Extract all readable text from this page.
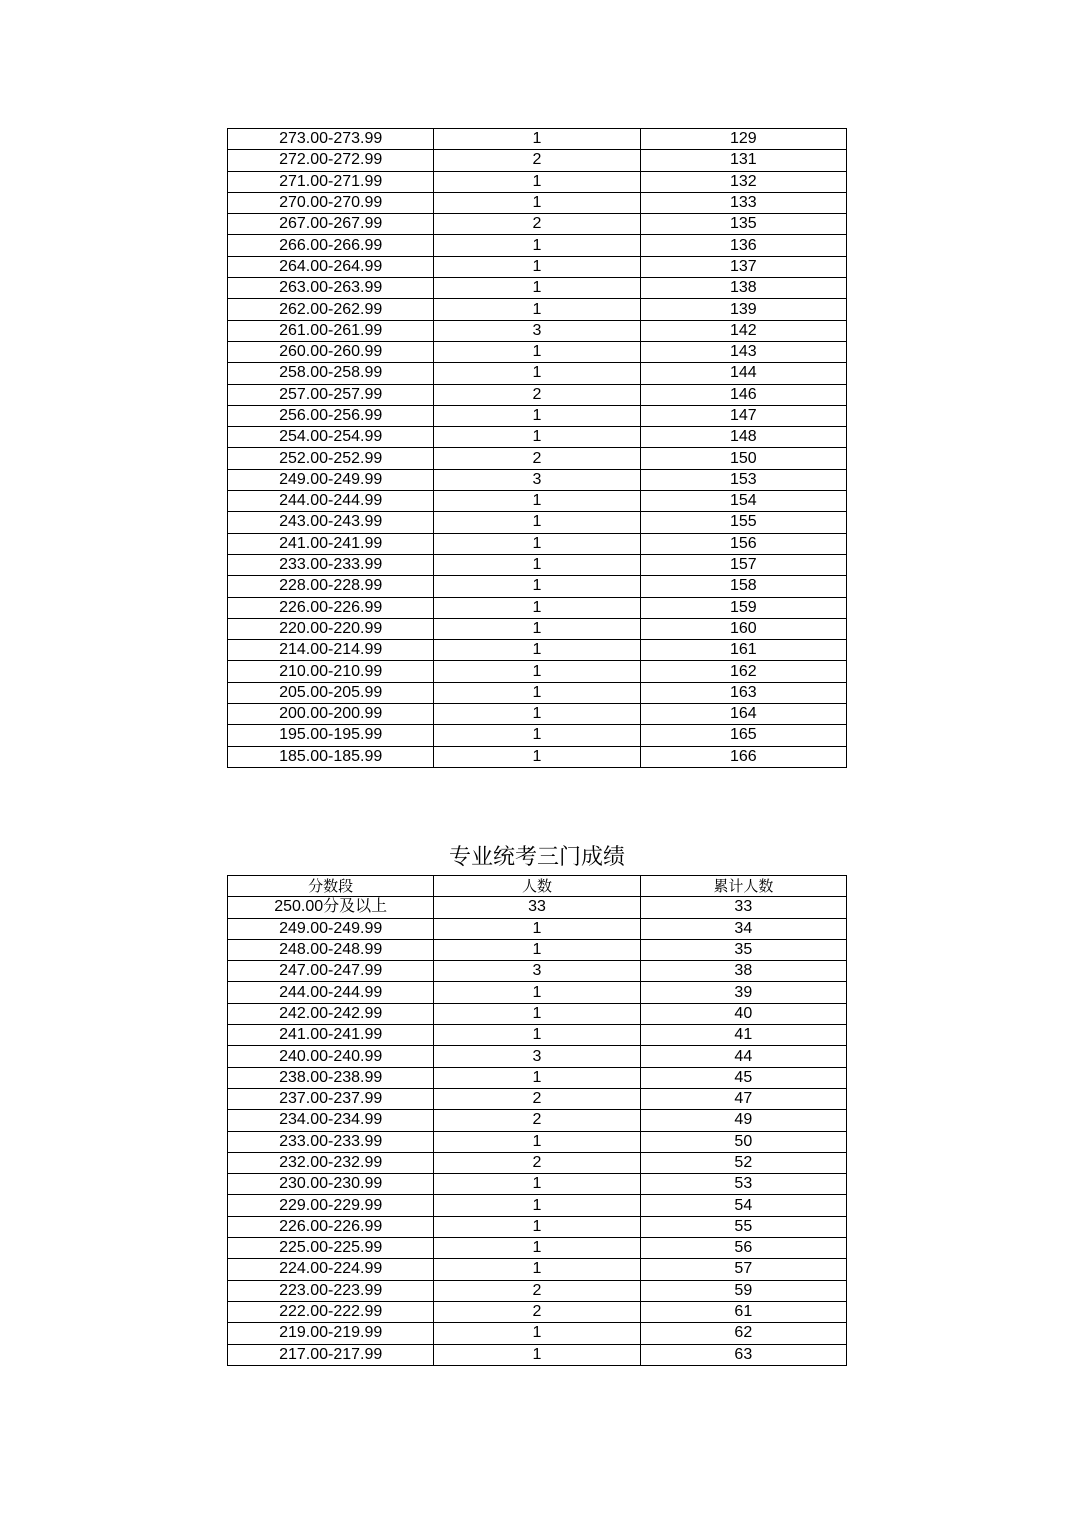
273.00-273.99	1	129
272.00-272.99	2	131
271.00-271.99	1	132
270.00-270.99	1	133
267.00-267.99	2	135
266.00-266.99	1	136
264.00-264.99	1	137
263.00-263.99	1	138
262.00-262.99	1	139
261.00-261.99	3	142
260.00-260.99	1	143
258.00-258.99	1	144
257.00-257.99	2	146
256.00-256.99	1	147
254.00-254.99	1	148
252.00-252.99	2	150
249.00-249.99	3	153
244.00-244.99	1	154
243.00-243.99	1	155
241.00-241.99	1	156
233.00-233.99	1	157
228.00-228.99	1	158
226.00-226.99	1	159
220.00-220.99	1	160
214.00-214.99	1	161
210.00-210.99	1	162
205.00-205.99	1	163
200.00-200.99	1	164
195.00-195.99	1	165
185.00-185.99	1	166
专业统考三门成绩
分数段	人数	累计人数
250.00分及以上	33	33
249.00-249.99	1	34
248.00-248.99	1	35
247.00-247.99	3	38
244.00-244.99	1	39
242.00-242.99	1	40
241.00-241.99	1	41
240.00-240.99	3	44
238.00-238.99	1	45
237.00-237.99	2	47
234.00-234.99	2	49
233.00-233.99	1	50
232.00-232.99	2	52
230.00-230.99	1	53
229.00-229.99	1	54
226.00-226.99	1	55
225.00-225.99	1	56
224.00-224.99	1	57
223.00-223.99	2	59
222.00-222.99	2	61
219.00-219.99	1	62
217.00-217.99	1	63
